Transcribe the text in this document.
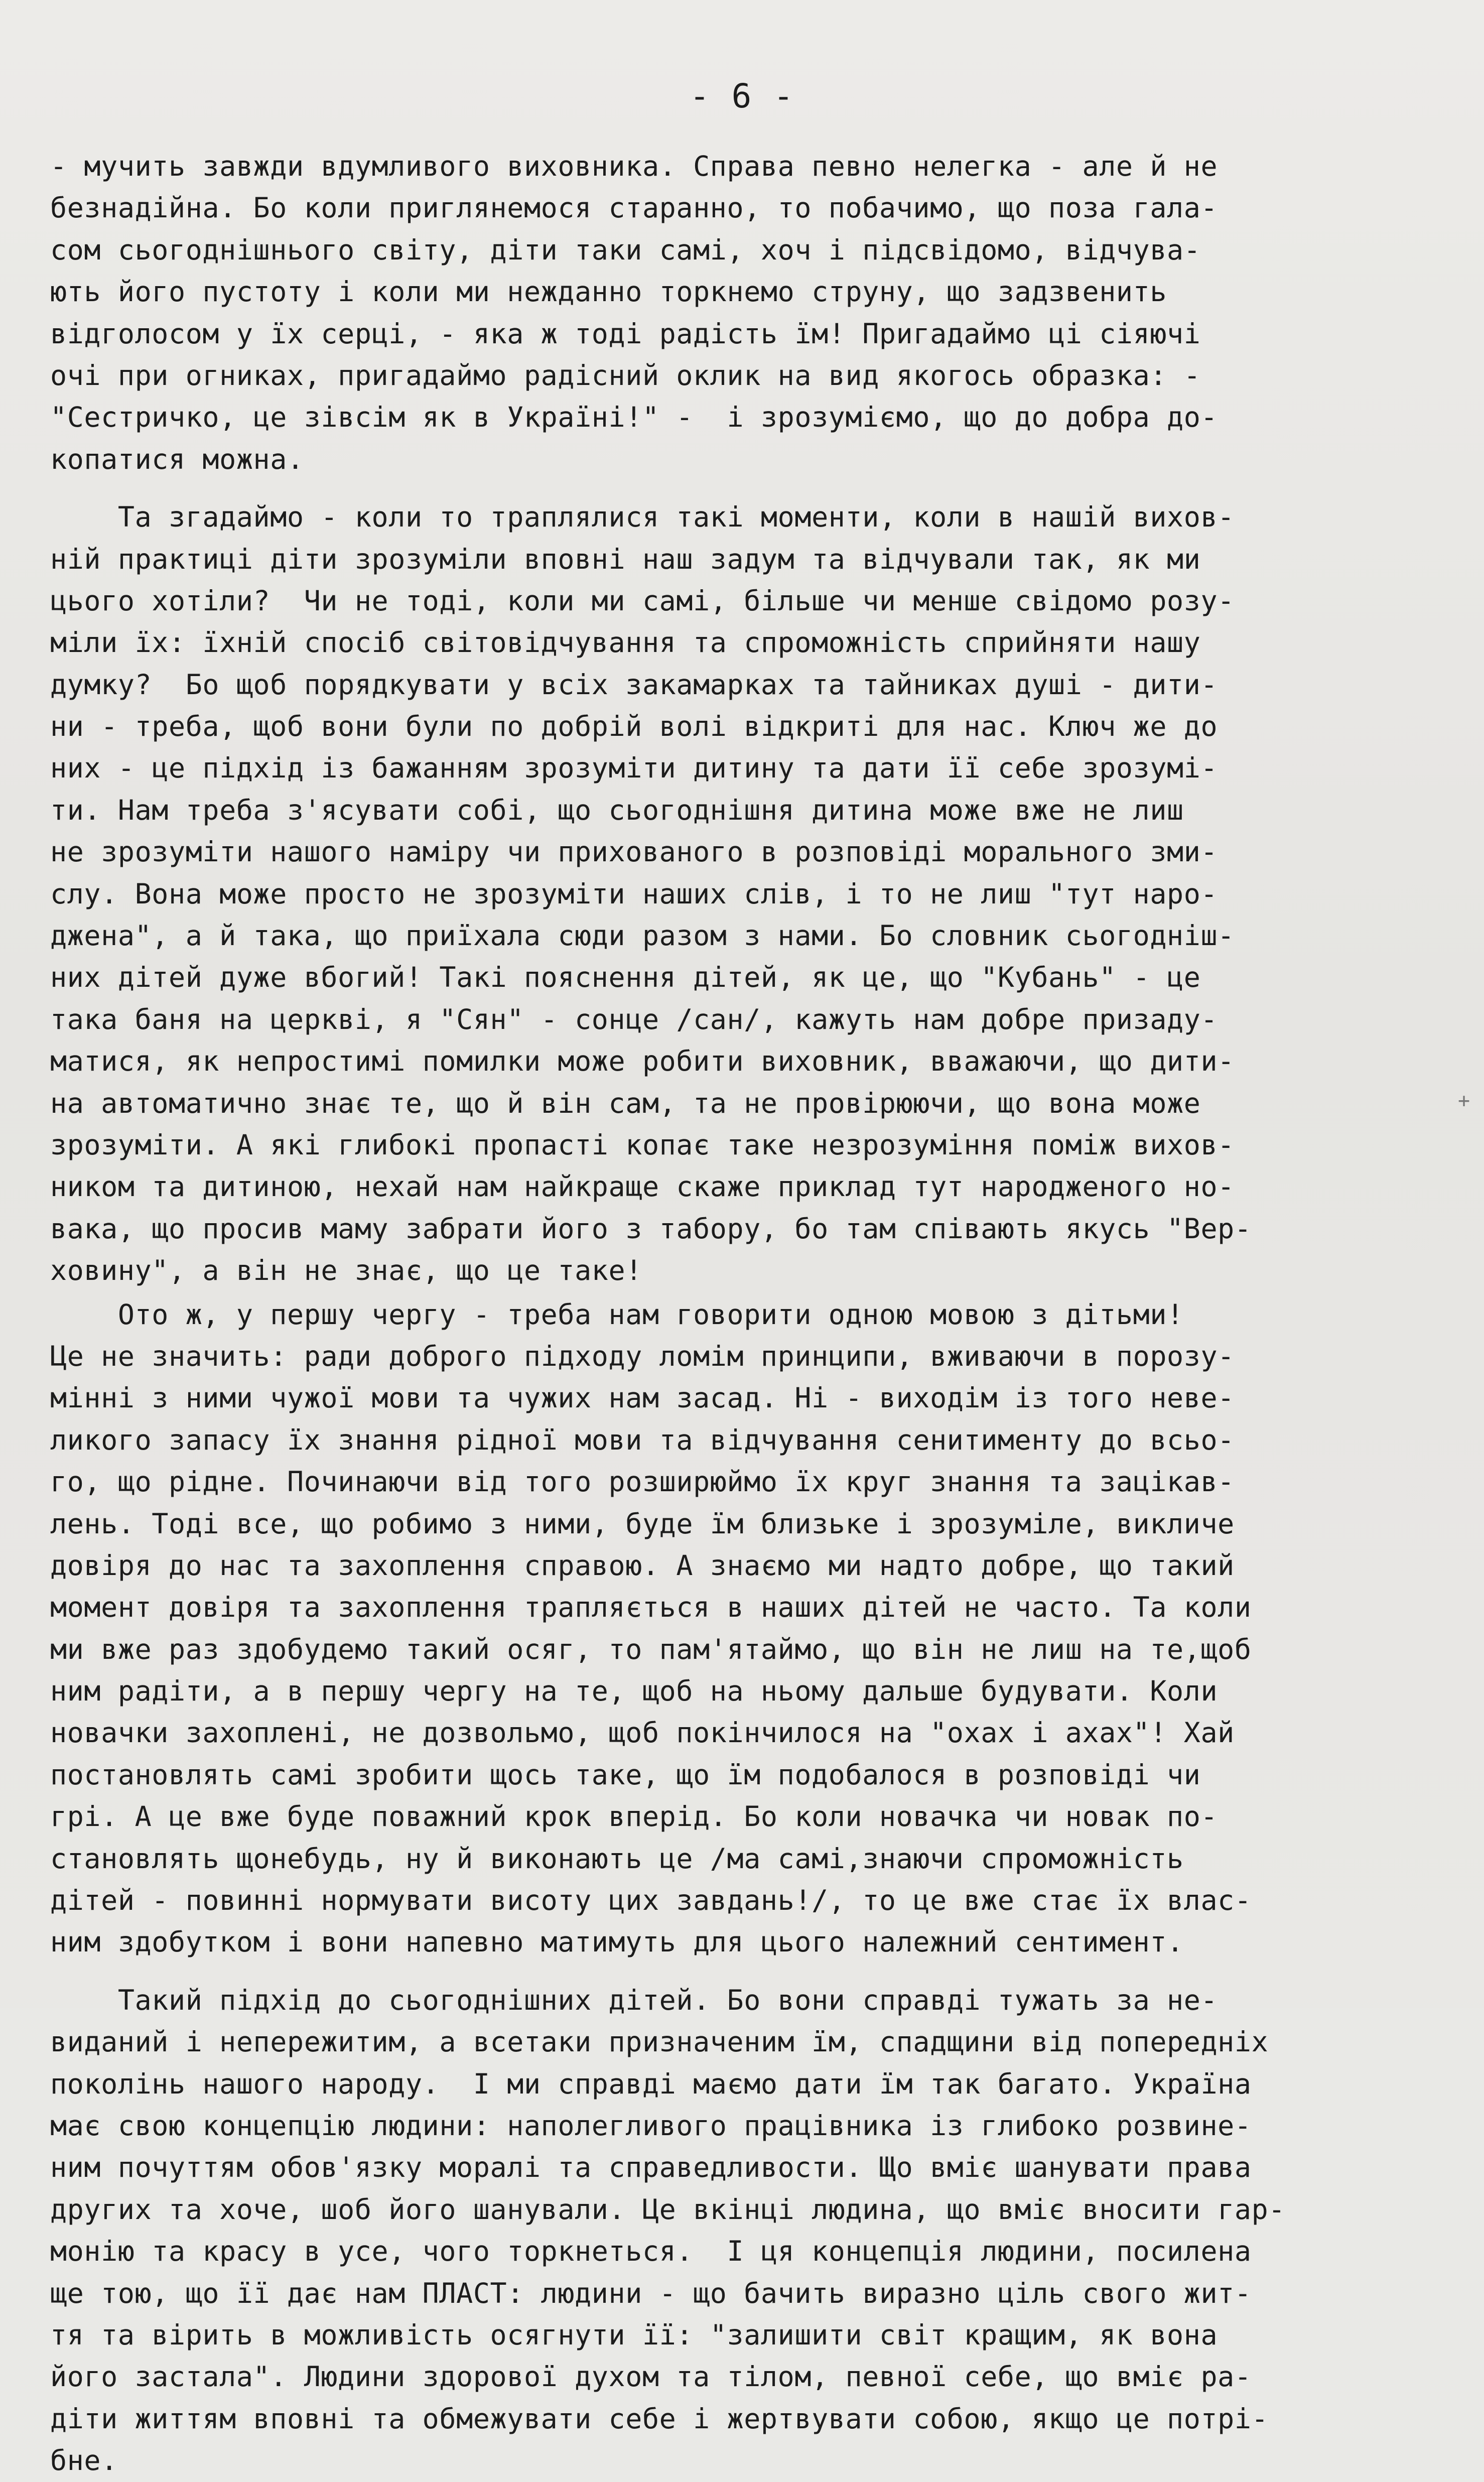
- 6 -
- мучить завжди вдумливого виховника. Справа певно нелегка - але й не
безнадійна. Бо коли приглянемося старанно, то побачимо, що поза гала-
сом сьогоднішнього світу, діти таки самі, хоч і підсвідомо, відчува-
ють його пустоту і коли ми нежданно торкнемо струну, що задзвенить
відголосом у їх серці, - яка ж тоді радість їм! Пригадаймо ці сіяючі
очі при огниках, пригадаймо радісний оклик на вид якогось образка: -
"Сестричко, це зівсім як в Україні!" -  і зрозуміємо, що до добра до-
копатися можна.
Та згадаймо - коли то траплялися такі моменти, коли в нашій вихов-
ній практиці діти зрозуміли вповні наш задум та відчували так, як ми
цього хотіли?  Чи не тоді, коли ми самі, більше чи менше свідомо розу-
міли їх: їхній спосіб світовідчування та спроможність сприйняти нашу
думку?  Бо щоб порядкувати у всіх закамарках та тайниках душі - дити-
ни - треба, щоб вони були по добрій волі відкриті для нас. Ключ же до
них - це підхід із бажанням зрозуміти дитину та дати її себе зрозумі-
ти. Нам треба з'ясувати собі, що сьогоднішня дитина може вже не лиш
не зрозуміти нашого наміру чи прихованого в розповіді морального зми-
слу. Вона може просто не зрозуміти наших слів, і то не лиш "тут наро-
джена", а й така, що приїхала сюди разом з нами. Бо словник сьогоднiш-
них дітей дуже вбогий! Такі пояснення дітей, як це, що "Кубань" - це
така баня на церкві, я "Сян" - сонце /сан/, кажуть нам добре призаду-
матися, як непростимі помилки може робити виховник, вважаючи, що дити-
на автоматично знає те, що й він сам, та не провірюючи, що вона може
зрозуміти. А які глибокі пропасті копає таке незрозуміння поміж вихов-
ником та дитиною, нехай нам найкраще скаже приклад тут народженого но-
вака, що просив маму забрати його з табору, бо там співають якусь "Вер-
ховину", а він не знає, що це таке!
Ото ж, у першу чергу - треба нам говорити одною мовою з дітьми!
Це не значить: ради доброго підходу ломім принципи, вживаючи в порозу-
мінні з ними чужої мови та чужих нам засад. Ні - виходім із того неве-
ликого запасу їх знання рідної мови та відчування сенитименту до всьо-
го, що рідне. Починаючи від того розширюймо їх круг знання та зацікав-
лень. Тоді все, що робимо з ними, буде їм близьке і зрозуміле, викличе
довіря до нас та захоплення справою. А знаємо ми надто добре, що такий
момент довіря та захоплення трапляється в наших дітей не часто. Та коли
ми вже раз здобудемо такий осяг, то пам'ятаймо, що він не лиш на те,щоб
ним радіти, а в першу чергу на те, щоб на ньому дальше будувати. Коли
новачки захоплені, не дозвольмо, щоб покінчилося на "охах і ахах"! Хай
постановлять самі зробити щось таке, що їм подобалося в розповіді чи
грі. А це вже буде поважний крок вперід. Бо коли новачка чи новак по-
становлять щонебудь, ну й виконають це /ма самі,знаючи спроможність
дітей - повинні нормувати висоту цих завдань!/, то це вже стає їх влас-
ним здобутком і вони напевно матимуть для цього належний сентимент.
Такий підхід до сьогоднішних дітей. Бо вони справді тужать за не-
виданий і непережитим, а всетаки призначеним їм, спадщини від попередніх
поколінь нашого народу.  І ми справді маємо дати їм так багато. Україна
має свою концепцію людини: наполегливого працівника із глибоко розвине-
ним почуттям обов'язку моралі та справедливости. Що вміє шанувати права
других та хоче, шоб його шанували. Це вкінці людина, що вміє вносити гар-
монію та красу в усе, чого торкнеться.  І ця концепція людини, посилена
ще тою, що її дає нам ПЛАСТ: людини - що бачить виразно ціль свого жит-
тя та вірить в можливість осягнути її: "залишити світ кращим, як вона
його застала". Людини здорової духом та тілом, певної себе, що вміє ра-
діти життям вповні та обмежувати себе і жертвувати собою, якщо це потрі-
бне.
+
